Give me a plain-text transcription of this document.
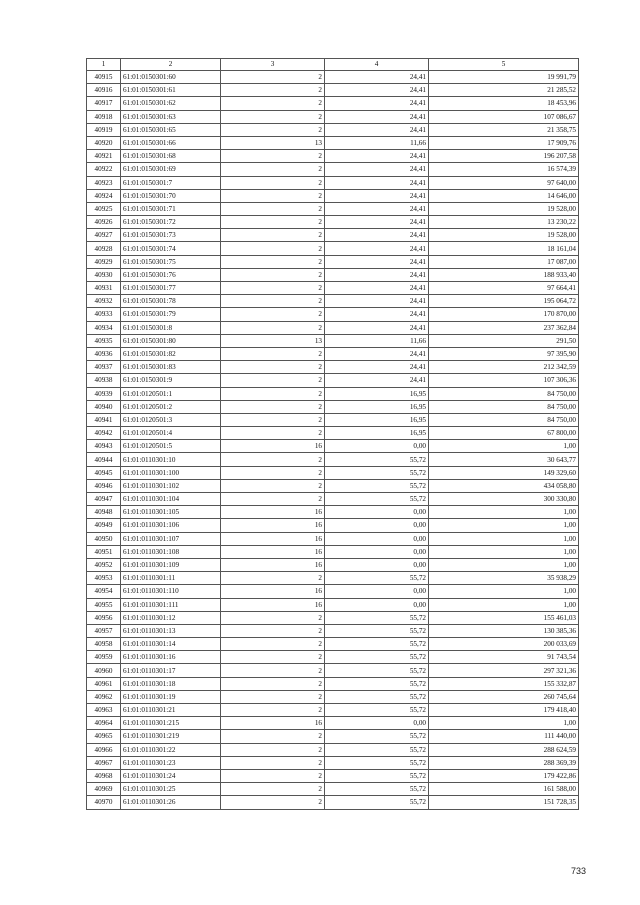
1	2	3	4	5
40915	61:01:0150301:60	2	24,41	19 991,79
40916	61:01:0150301:61	2	24,41	21 285,52
40917	61:01:0150301:62	2	24,41	18 453,96
40918	61:01:0150301:63	2	24,41	107 086,67
40919	61:01:0150301:65	2	24,41	21 358,75
40920	61:01:0150301:66	13	11,66	17 909,76
40921	61:01:0150301:68	2	24,41	196 207,58
40922	61:01:0150301:69	2	24,41	16 574,39
40923	61:01:0150301:7	2	24,41	97 640,00
40924	61:01:0150301:70	2	24,41	14 646,00
40925	61:01:0150301:71	2	24,41	19 528,00
40926	61:01:0150301:72	2	24,41	13 230,22
40927	61:01:0150301:73	2	24,41	19 528,00
40928	61:01:0150301:74	2	24,41	18 161,04
40929	61:01:0150301:75	2	24,41	17 087,00
40930	61:01:0150301:76	2	24,41	188 933,40
40931	61:01:0150301:77	2	24,41	97 664,41
40932	61:01:0150301:78	2	24,41	195 064,72
40933	61:01:0150301:79	2	24,41	170 870,00
40934	61:01:0150301:8	2	24,41	237 362,84
40935	61:01:0150301:80	13	11,66	291,50
40936	61:01:0150301:82	2	24,41	97 395,90
40937	61:01:0150301:83	2	24,41	212 342,59
40938	61:01:0150301:9	2	24,41	107 306,36
40939	61:01:0120501:1	2	16,95	84 750,00
40940	61:01:0120501:2	2	16,95	84 750,00
40941	61:01:0120501:3	2	16,95	84 750,00
40942	61:01:0120501:4	2	16,95	67 800,00
40943	61:01:0120501:5	16	0,00	1,00
40944	61:01:0110301:10	2	55,72	30 643,77
40945	61:01:0110301:100	2	55,72	149 329,60
40946	61:01:0110301:102	2	55,72	434 058,80
40947	61:01:0110301:104	2	55,72	300 330,80
40948	61:01:0110301:105	16	0,00	1,00
40949	61:01:0110301:106	16	0,00	1,00
40950	61:01:0110301:107	16	0,00	1,00
40951	61:01:0110301:108	16	0,00	1,00
40952	61:01:0110301:109	16	0,00	1,00
40953	61:01:0110301:11	2	55,72	35 938,29
40954	61:01:0110301:110	16	0,00	1,00
40955	61:01:0110301:111	16	0,00	1,00
40956	61:01:0110301:12	2	55,72	155 461,03
40957	61:01:0110301:13	2	55,72	130 385,36
40958	61:01:0110301:14	2	55,72	200 033,69
40959	61:01:0110301:16	2	55,72	91 743,54
40960	61:01:0110301:17	2	55,72	297 321,36
40961	61:01:0110301:18	2	55,72	155 332,87
40962	61:01:0110301:19	2	55,72	260 745,64
40963	61:01:0110301:21	2	55,72	179 418,40
40964	61:01:0110301:215	16	0,00	1,00
40965	61:01:0110301:219	2	55,72	111 440,00
40966	61:01:0110301:22	2	55,72	288 624,59
40967	61:01:0110301:23	2	55,72	288 369,39
40968	61:01:0110301:24	2	55,72	179 422,86
40969	61:01:0110301:25	2	55,72	161 588,00
40970	61:01:0110301:26	2	55,72	151 728,35
733
